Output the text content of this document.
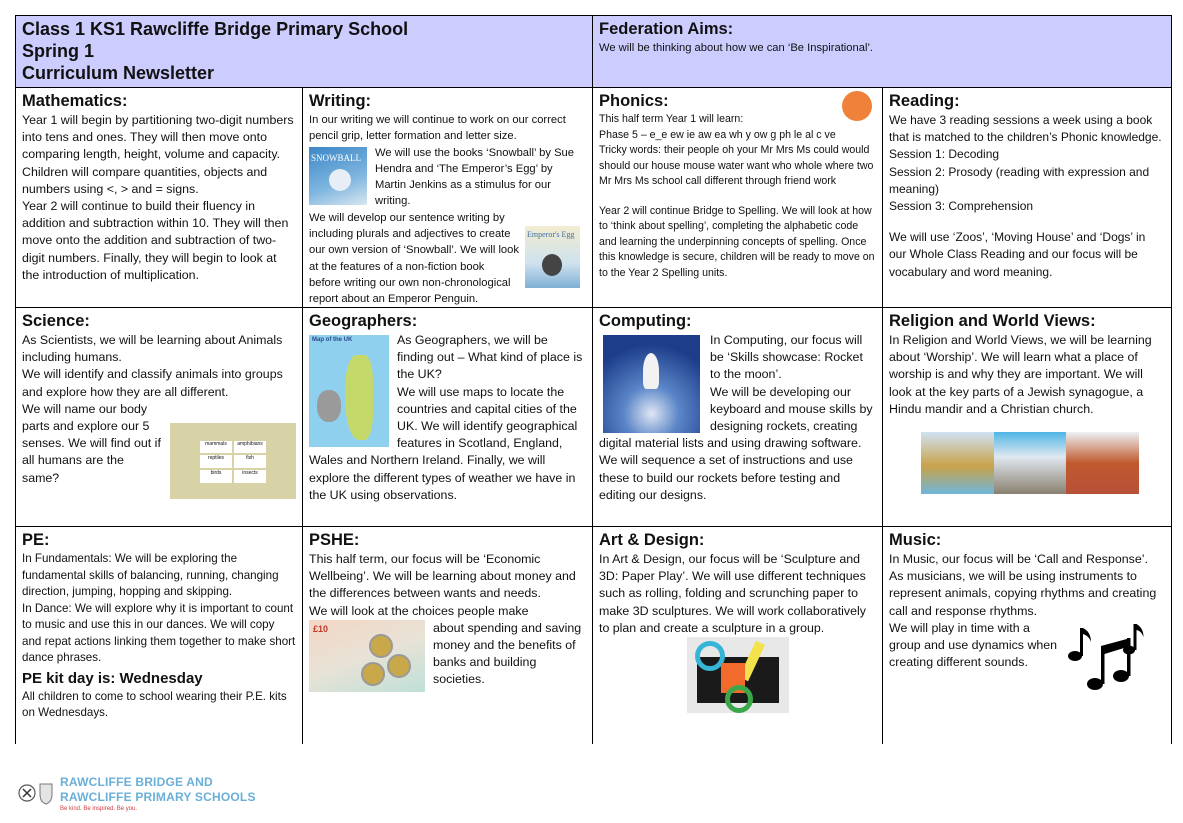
Class 1 KS1 Rawcliffe Bridge Primary School
Spring 1
Curriculum Newsletter
Federation Aims:

We will be thinking about how we can ‘Be Inspirational’.

Mathematics:

Year 1 will begin by partitioning two-digit numbers into tens and ones. They will then move onto comparing length, height, volume and capacity. Children will compare quantities, objects and numbers using <, > and = signs.

Year 2 will continue to build their fluency in addition and subtraction within 10. They will then move onto the addition and subtraction of two-digit numbers. Finally, they will begin to look at the introduction of multiplication.

Writing:

In our writing we will continue to work on our correct pencil grip, letter formation and letter size.

SNOWBALL	We will use the books ‘Snowball’ by Sue Hendra and ‘The Emperor’s Egg’ by Martin Jenkins as a stimulus for our writing.

Emperor's Egg

We will develop our sentence writing by including plurals and adjectives to create our own version of ‘Snowball’. We will look at the features of a non-fiction book before writing our own non-chronological report about an Emperor Penguin.

Phonics:

This half term Year 1 will learn:

Phase 5 – e_e ew ie aw ea wh y ow g ph le al c ve

Tricky words: their people oh your Mr Mrs Ms could would should our house mouse water want who whole where two Mr Mrs Ms school call different through friend work

Year 2 will continue Bridge to Spelling. We will look at how to ‘think about spelling’, completing the alphabetic code and learning the underpinning concepts of spelling. Once this knowledge is secure, children will be ready to move on to the Year 2 Spelling units.

Reading:

We have 3 reading sessions a week using a book that is matched to the children’s Phonic knowledge.

Session 1: Decoding

Session 2: Prosody (reading with expression and meaning)

Session 3: Comprehension

We will use ‘Zoos’, ‘Moving House’ and ‘Dogs’ in our Whole Class Reading and our focus will be vocabulary and word meaning.

Science:

As Scientists, we will be learning about Animals including humans.

We will identify and classify animals into groups and explore how they are all different.

mammals	amphibians
reptiles	fish
birds	insects

We will name our body parts and explore our 5 senses. We will find out if all humans are the same?

Geographers:
Map of the UK	As Geographers, we will be finding out – What kind of place is the UK?

We will use maps to locate the countries and capital cities of the UK. We will identify geographical features in Scotland, England, Wales and Northern Ireland. Finally, we will explore the different types of weather we have in the UK using observations.

Computing:

In Computing, our focus will be ‘Skills showcase: Rocket to the moon’.

We will be developing our keyboard and mouse skills by designing rockets, creating digital material lists and using drawing software.

We will sequence a set of instructions and use these to build our rockets before testing and editing our designs.

Religion and World Views:

In Religion and World Views, we will be learning about ‘Worship’. We will learn what a place of worship is and why they are important. We will look at the key parts of a Jewish synagogue, a Hindu mandir and a Christian church.

PE:

In Fundamentals: We will be exploring the fundamental skills of balancing, running, changing direction, jumping, hopping and skipping.

In Dance: We will explore why it is important to count to music and use this in our dances. We will copy and repat actions linking them together to make short dance phrases.

PE kit day is: Wednesday

All children to come to school wearing their P.E. kits on Wednesdays.

PSHE:

This half term, our focus will be ‘Economic Wellbeing’. We will be learning about money and the differences between wants and needs.

We will look at the choices people make

£10	about spending and saving money and the benefits of banks and building societies.

Art & Design:

In Art & Design, our focus will be ‘Sculpture and 3D: Paper Play’. We will use different techniques such as rolling, folding and scrunching paper to make 3D sculptures. We will work collaboratively to plan and create a sculpture in a group.

Music:

In Music, our focus will be ‘Call and Response’. As musicians, we will be using instruments to represent animals, copying rhythms and creating call and response rhythms.

We will play in time with a group and use dynamics when creating different sounds.

RAWCLIFFE BRIDGE AND
RAWCLIFFE PRIMARY SCHOOLS
Be kind. Be inspired. Be you.
